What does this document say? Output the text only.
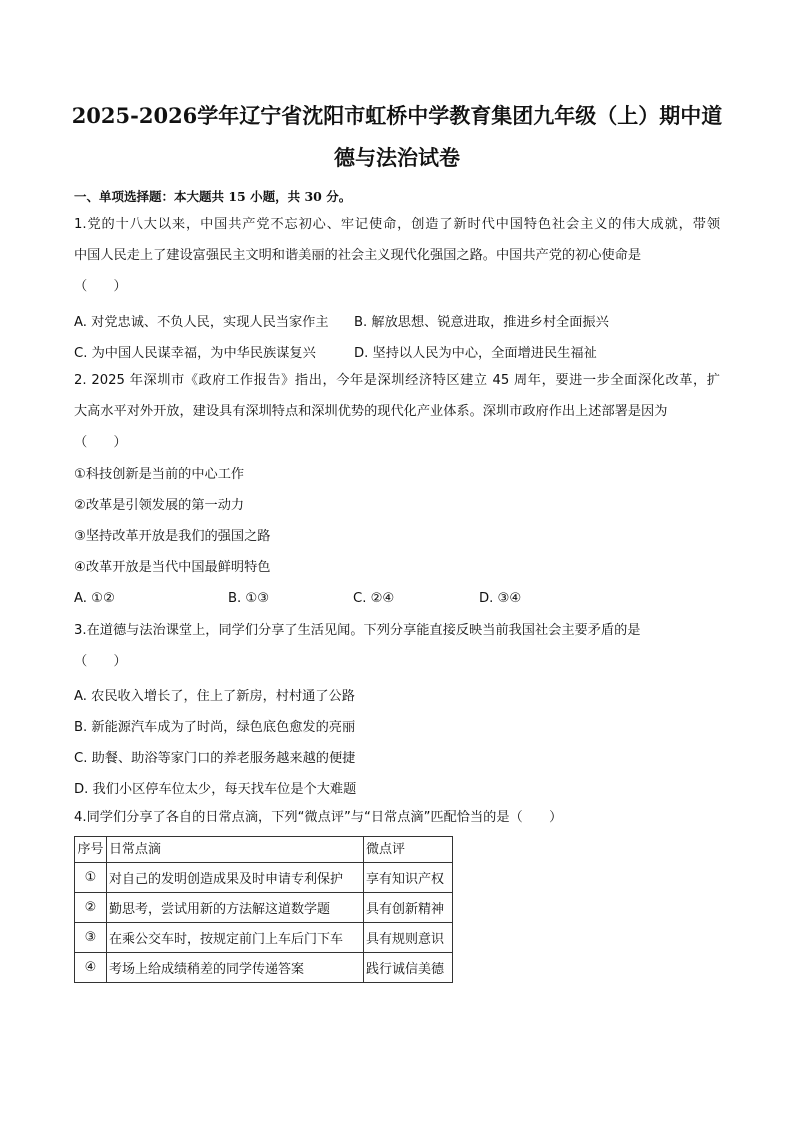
2025-2026学年辽宁省沈阳市虹桥中学教育集团九年级（上）期中道
德与法治试卷
一、单项选择题：本大题共 15 小题，共 30 分。
1.党的十八大以来，中国共产党不忘初心、牢记使命，创造了新时代中国特色社会主义的伟大成就，带领
中国人民走上了建设富强民主文明和谐美丽的社会主义现代化强国之路。中国共产党的初心使命是
（　　）
A. 对党忠诚、不负人民，实现人民当家作主 B. 解放思想、锐意进取，推进乡村全面振兴
C. 为中国人民谋幸福，为中华民族谋复兴	D. 坚持以人民为中心，全面增进民生福祉
2. 2025 年深圳市《政府工作报告》指出，今年是深圳经济特区建立 45 周年，要进一步全面深化改革，扩
大高水平对外开放，建设具有深圳特点和深圳优势的现代化产业体系。深圳市政府作出上述部署是因为
（　　）
①科技创新是当前的中心工作
②改革是引领发展的第一动力
③坚持改革开放是我们的强国之路
④改革开放是当代中国最鲜明特色
A. ①②	B. ①③	C. ②④	D. ③④
3.在道德与法治课堂上，同学们分享了生活见闻。下列分享能直接反映当前我国社会主要矛盾的是
（　　）
A. 农民收入增长了，住上了新房，村村通了公路
B. 新能源汽车成为了时尚，绿色底色愈发的亮丽
C. 助餐、助浴等家门口的养老服务越来越的便捷
D. 我们小区停车位太少，每天找车位是个大难题
4.同学们分享了各自的日常点滴，下列“微点评”与“日常点滴”匹配恰当的是（　　）
序号	日常点滴	微点评
①	对自己的发明创造成果及时申请专利保护	享有知识产权
②	勤思考，尝试用新的方法解这道数学题	具有创新精神
③	在乘公交车时，按规定前门上车后门下车	具有规则意识
④	考场上给成绩稍差的同学传递答案	践行诚信美德
